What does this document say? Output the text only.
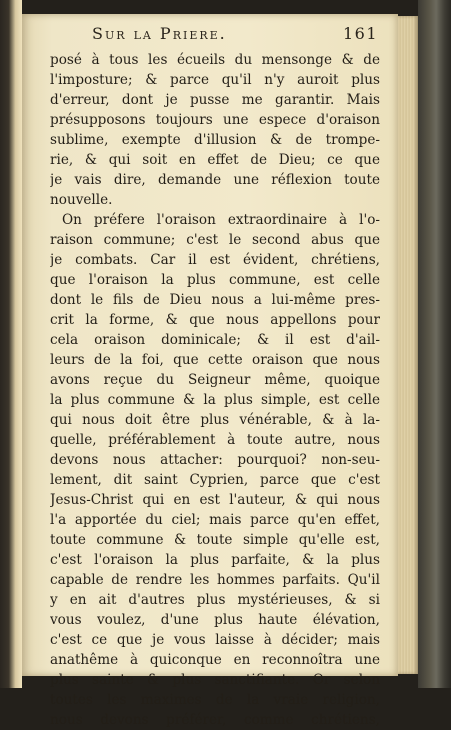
Sur la Priere.	161
posé à tous les écueils du mensonge & de
l'imposture; & parce qu'il n'y auroit plus
d'erreur, dont je pusse me garantir. Mais
présupposons toujours une espece d'oraison
sublime, exempte d'illusion & de trompe-
rie, & qui soit en effet de Dieu; ce que
je vais dire, demande une réflexion toute
nouvelle.
On préfere l'oraison extraordinaire à l'o-
raison commune; c'est le second abus que
je combats. Car il est évident, chrétiens,
que l'oraison la plus commune, est celle
dont le fils de Dieu nous a lui-même pres-
crit la forme, & que nous appellons pour
cela oraison dominicale; & il est d'ail-
leurs de la foi, que cette oraison que nous
avons reçue du Seigneur même, quoique
la plus commune & la plus simple, est celle
qui nous doit être plus vénérable, & à la-
quelle, préférablement à toute autre, nous
devons nous attacher: pourquoi? non-seu-
lement, dit saint Cyprien, parce que c'est
Jesus-Christ qui en est l'auteur, & qui nous
l'a apportée du ciel; mais parce qu'en effet,
toute commune & toute simple qu'elle est,
c'est l'oraison la plus parfaite, & la plus
capable de rendre les hommes parfaits. Qu'il
y en ait d'autres plus mystérieuses, & si
vous voulez, d'une plus haute élévation,
c'est ce que je vous laisse à décider; mais
anathême à quiconque en reconnoîtra une
plus sainte & plus sanctifiante. Or selon
toutes les maximes de la vraie religion,
nous devons préférer, comme chrétiens,
